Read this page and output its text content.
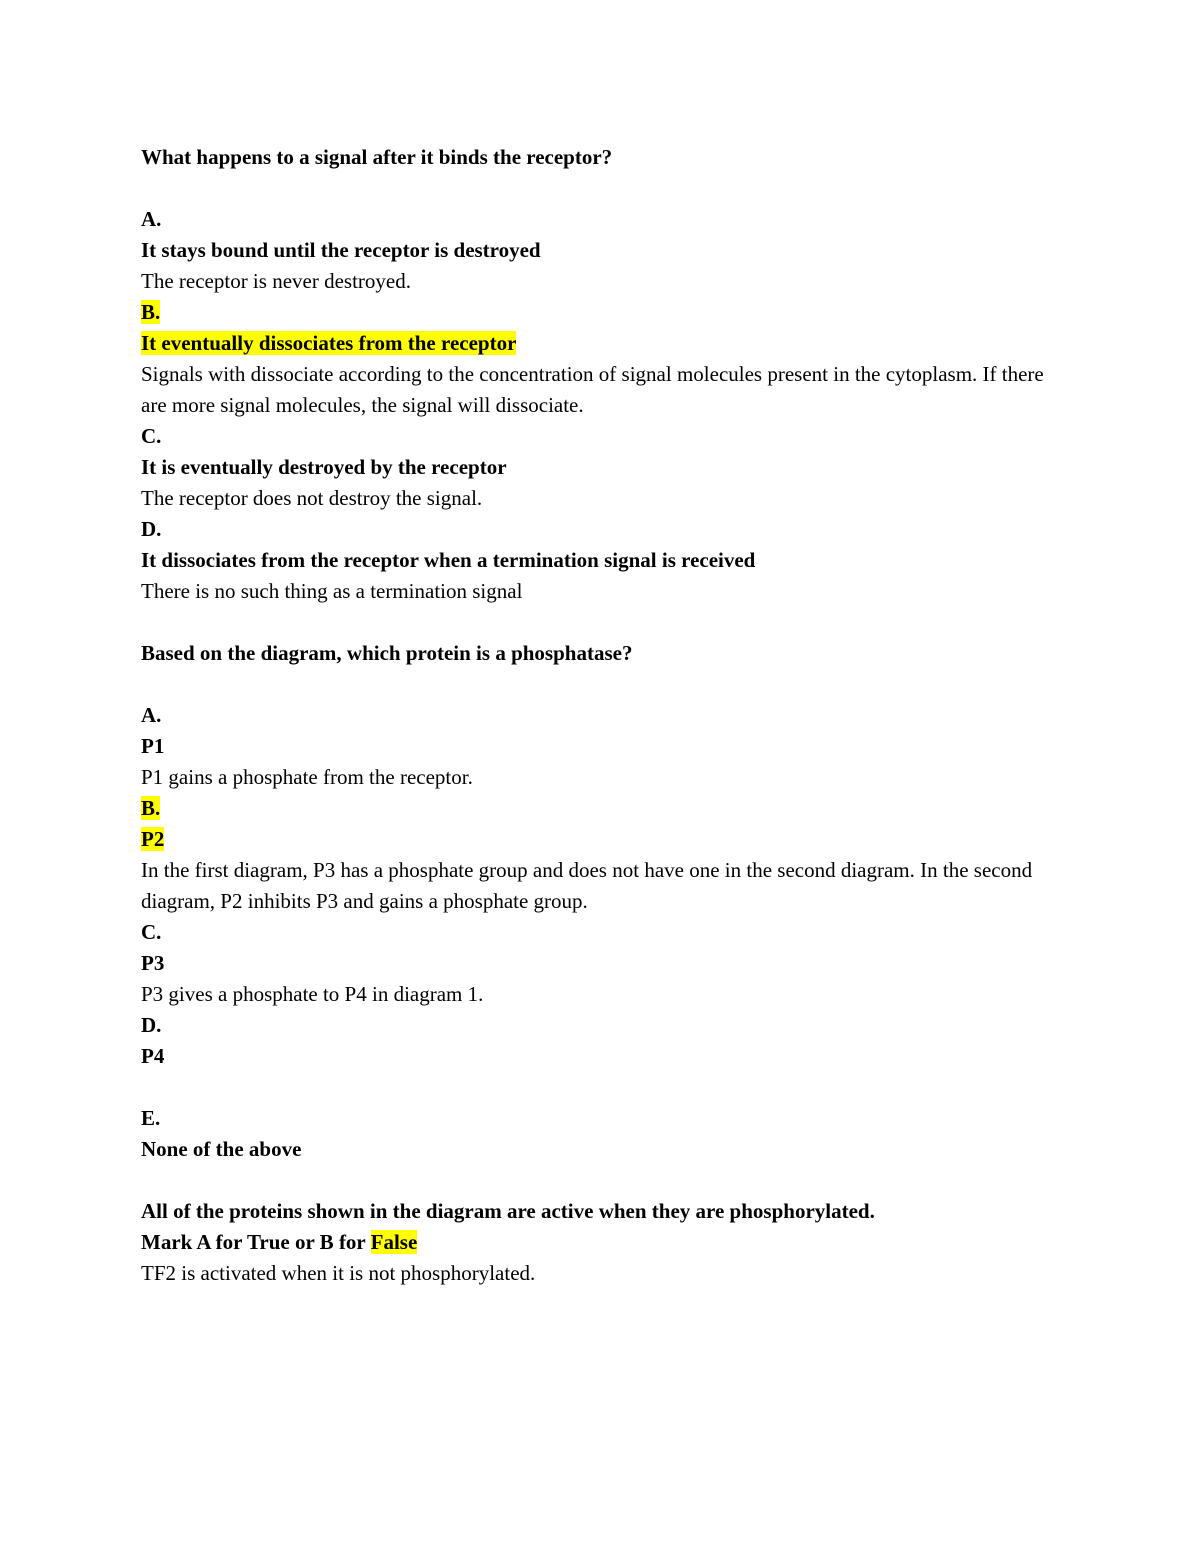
What happens to a signal after it binds the receptor?
A.
It stays bound until the receptor is destroyed
The receptor is never destroyed.
B.
It eventually dissociates from the receptor
Signals with dissociate according to the concentration of signal molecules present in the cytoplasm. If there are more signal molecules, the signal will dissociate.
C.
It is eventually destroyed by the receptor
The receptor does not destroy the signal.
D.
It dissociates from the receptor when a termination signal is received
There is no such thing as a termination signal
Based on the diagram, which protein is a phosphatase?
A.
P1
P1 gains a phosphate from the receptor.
B.
P2
In the first diagram, P3 has a phosphate group and does not have one in the second diagram. In the second diagram, P2 inhibits P3 and gains a phosphate group.
C.
P3
P3 gives a phosphate to P4 in diagram 1.
D.
P4
E.
None of the above
All of the proteins shown in the diagram are active when they are phosphorylated.
Mark A for True or B for False
TF2 is activated when it is not phosphorylated.
